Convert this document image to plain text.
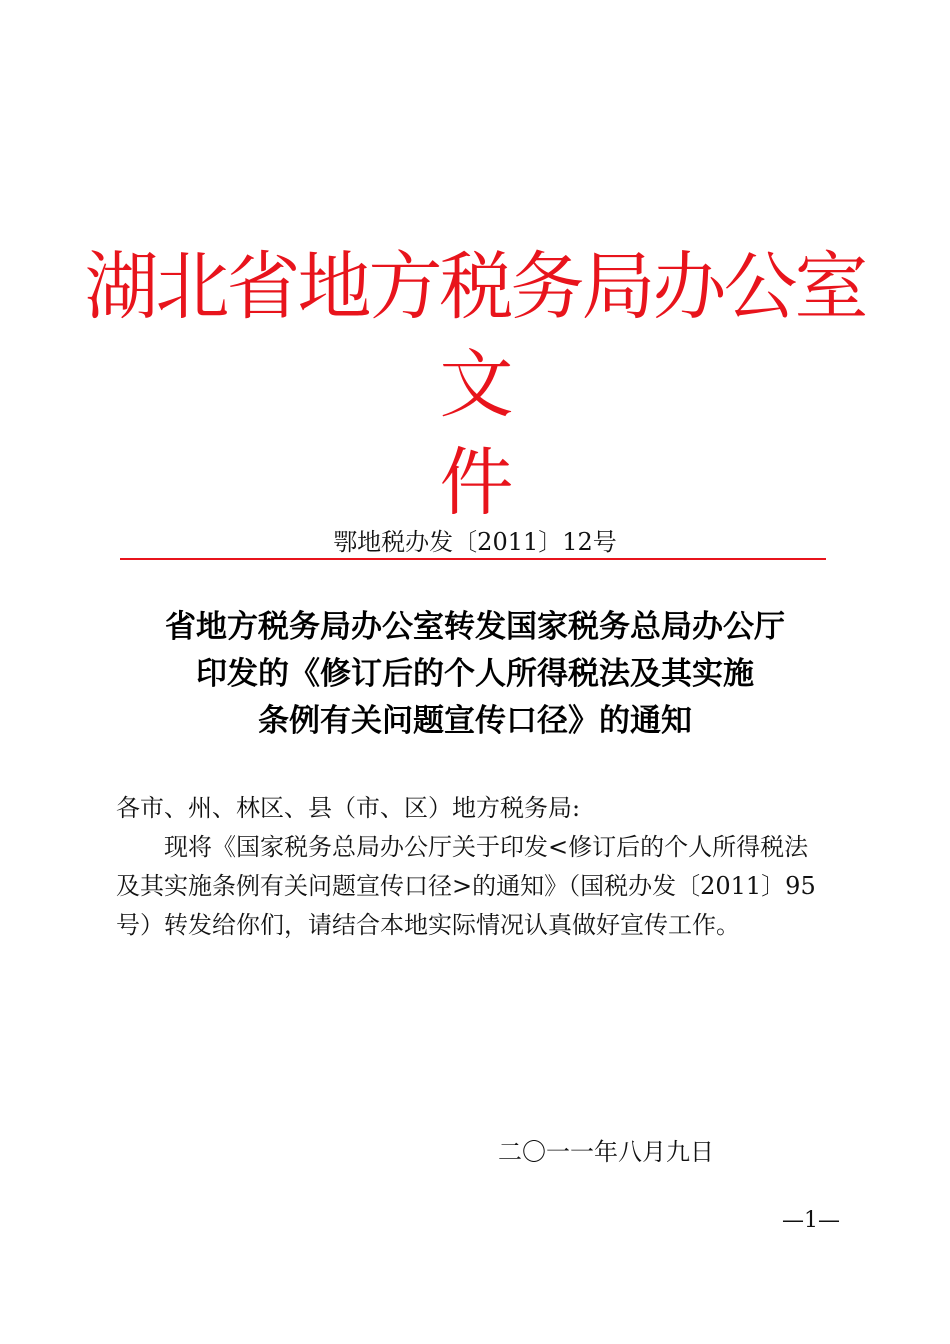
湖北省地方税务局办公室文
件
鄂地税办发〔2011〕12号
省地方税务局办公室转发国家税务总局办公厅
印发的《修订后的个人所得税法及其实施
条例有关问题宣传口径》的通知
各市、州、林区、县（市、区）地方税务局:
现将《国家税务总局办公厅关于印发<修订后的个人所得税法及其实施条例有关问题宣传口径>的通知》（国税办发〔2011〕95号）转发给你们，请结合本地实际情况认真做好宣传工作。
二〇一一年八月九日
—1—
